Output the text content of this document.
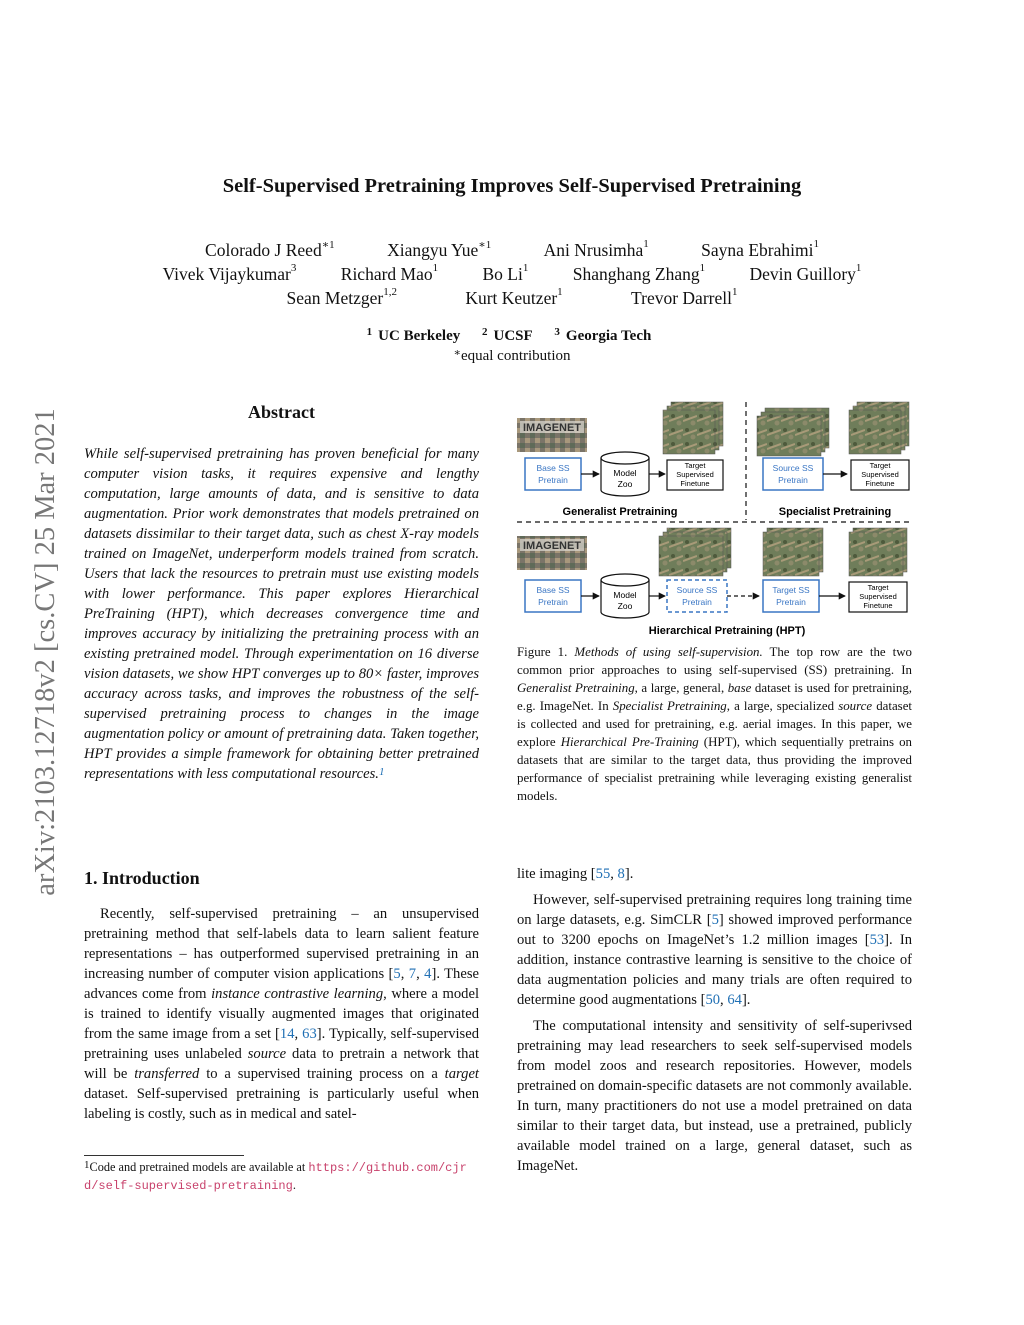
Self-Supervised Pretraining Improves Self-Supervised Pretraining
Colorado J Reed$^{∗1}$	Xiangyu Yue$^{∗1}$	Ani Nrusimha$^1$	Sayna Ebrahimi$^1$
Vivek Vijaykumar$^3$	Richard Mao$^1$	Bo Li$^1$	Shanghang Zhang$^1$	Devin Guillory$^1$
Sean Metzger$^{1,2}$	Kurt Keutzer$^1$	Trevor Darrell$^1$
$^1$ UC Berkeley $^2$ UCSF $^3$ Georgia Tech
∗equal contribution
arXiv:2103.12718v2 [cs.CV] 25 Mar 2021	Abstract
While self-supervised pretraining has proven beneficial for many computer vision tasks, it requires expensive and lengthy computation, large amounts of data, and is sensitive to data augmentation. Prior work demonstrates that models pretrained on datasets dissimilar to their target data, such as chest X-ray models trained on ImageNet, underperform models trained from scratch. Users that lack the resources to pretrain must use existing models with lower performance. This paper explores Hierarchical PreTraining (HPT), which decreases convergence time and improves accuracy by initializing the pretraining process with an existing pretrained model. Through experimentation on 16 diverse vision datasets, we show HPT converges up to 80× faster, improves accuracy across tasks, and improves the robustness of the self-supervised pretraining process to changes in the image augmentation policy or amount of pretraining data. Taken together, HPT provides a simple framework for obtaining better pretrained representations with less computational resources.$^1$
1. Introduction

Recently, self-supervised pretraining – an unsupervised pretraining method that self-labels data to learn salient feature representations – has outperformed supervised pretraining in an increasing number of computer vision applications [5, 7, 4]. These advances come from instance contrastive learning, where a model is trained to identify visually augmented images that originated from the same image from a set [14, 63]. Typically, self-supervised pretraining uses unlabeled source data to pretrain a network that will be transferred to a supervised training process on a target dataset. Self-supervised pretraining is particularly useful when labeling is costly, such as in medical and satel-

$^1$Code and pretrained models are available at https://github.com/cjrd/self-supervised-pretraining.
IMAGENET
Base SS
Pretrain
Model
Zoo
Target
Supervised
Finetune
Generalist Pretraining
Source SS
Pretrain
Target
Supervised
Finetune
Specialist Pretraining
IMAGENET
Base SS
Pretrain
Model
Zoo
Source SS
Pretrain
Target SS
Pretrain
Target
Supervised
Finetune
Hierarchical Pretraining (HPT)
Figure 1. Methods of using self-supervision. The top row are the two common prior approaches to using self-supervised (SS) pretraining. In Generalist Pretraining, a large, general, base dataset is used for pretraining, e.g. ImageNet. In Specialist Pretraining, a large, specialized source dataset is collected and used for pretraining, e.g. aerial images. In this paper, we explore Hierarchical Pre-Training (HPT), which sequentially pretrains on datasets that are similar to the target data, thus providing the improved performance of specialist pretraining while leveraging existing generalist models.

lite imaging [55, 8].

However, self-supervised pretraining requires long training time on large datasets, e.g. SimCLR [5] showed improved performance out to 3200 epochs on ImageNet’s 1.2 million images [53]. In addition, instance contrastive learning is sensitive to the choice of data augmentation policies and many trials are often required to determine good augmentations [50, 64].

The computational intensity and sensitivity of self-superivsed pretraining may lead researchers to seek self-supervised models from model zoos and research repositories. However, models pretrained on domain-specific datasets are not commonly available. In turn, many practitioners do not use a model pretrained on data similar to their target data, but instead, use a pretrained, publicly available model trained on a large, general dataset, such as ImageNet.
